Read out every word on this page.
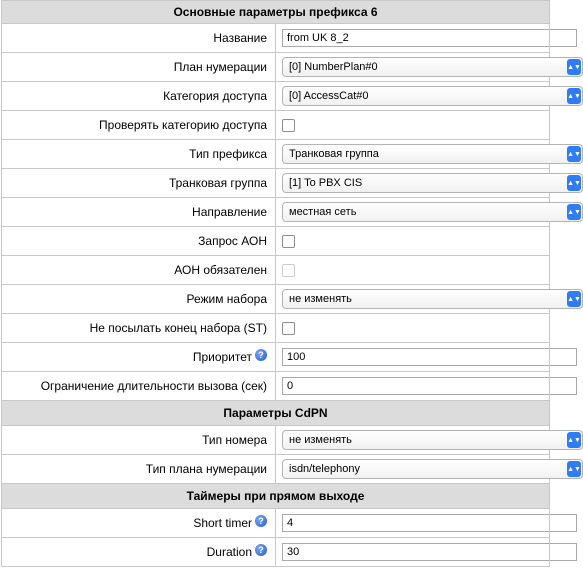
Основные параметры префикса 6	
Название	from UK 8_2

План нумерации	[0] NumberPlan#0 ▲▼

Категория доступа	[0] AccessCat#0 ▲▼

Проверять категорию доступа	
Тип префикса	Транковая группа ▲▼

Транковая группа	[1] To PBX CIS ▲▼

Направление	местная сеть ▲▼

Запрос АОН	
АОН обязателен	
Режим набора	не изменять ▲▼

Не посылать конец набора (ST)	
Приоритет ?	100

Ограничение длительности вызова (сек)	0

Параметры CdPN	
Тип номера	не изменять ▲▼

Тип плана нумерации	isdn/telephony ▲▼

Таймеры при прямом выходе	
Short timer ?	4

Duration ?	30
